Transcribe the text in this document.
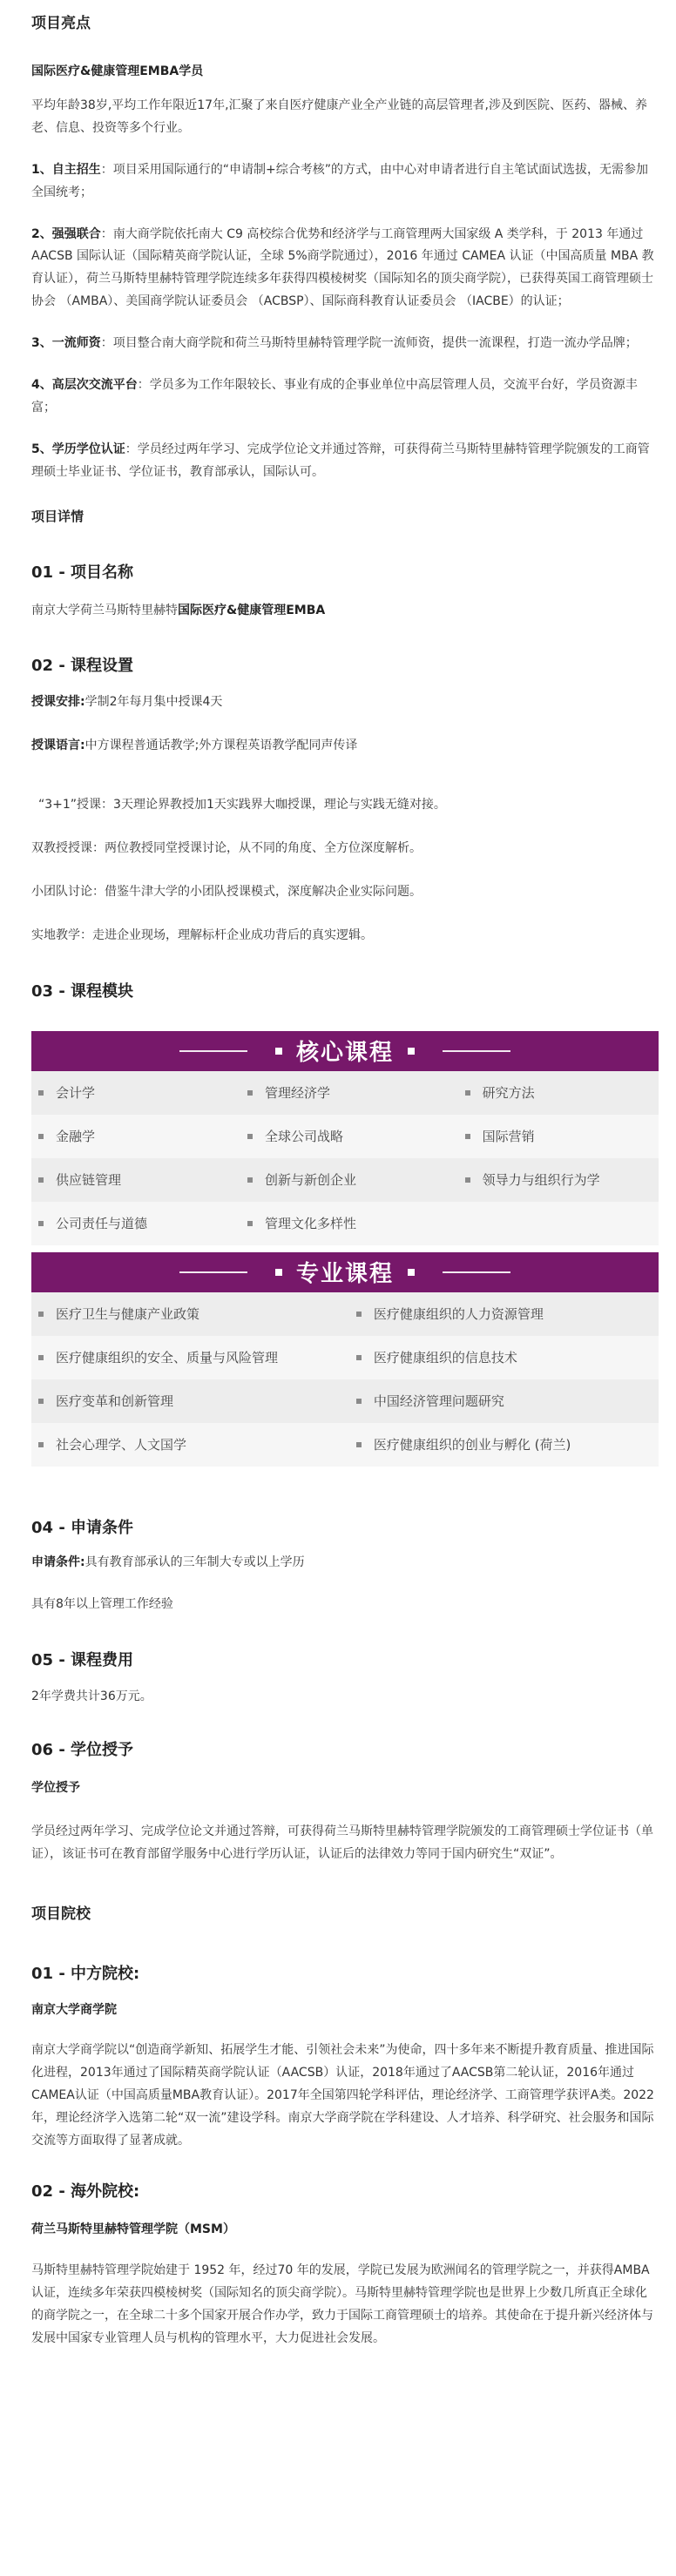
项目亮点

国际医疗&健康管理EMBA学员

平均年龄38岁,平均工作年限近17年,汇聚了来自医疗健康产业全产业链的高层管理者,涉及到医院、医药、器械、养老、信息、投资等多个行业。

1、自主招生：项目采用国际通行的“申请制+综合考核”的方式，由中心对申请者进行自主笔试面试选拔，无需参加全国统考；

2、强强联合：南大商学院依托南大 C9 高校综合优势和经济学与工商管理两大国家级 A 类学科，于 2013 年通过 AACSB 国际认证（国际精英商学院认证，全球 5%商学院通过），2016 年通过 CAMEA 认证（中国高质量 MBA 教育认证），荷兰马斯特里赫特管理学院连续多年获得四模棱树奖（国际知名的顶尖商学院），已获得英国工商管理硕士协会 （AMBA）、美国商学院认证委员会 （ACBSP）、国际商科教育认证委员会 （IACBE）的认证；

3、一流师资：项目整合南大商学院和荷兰马斯特里赫特管理学院一流师资，提供一流课程，打造一流办学品牌；

4、高层次交流平台：学员多为工作年限较长、事业有成的企事业单位中高层管理人员，交流平台好，学员资源丰富；

5、学历学位认证：学员经过两年学习、完成学位论文并通过答辩，可获得荷兰马斯特里赫特管理学院颁发的工商管理硕士毕业证书、学位证书，教育部承认，国际认可。

项目详情

01 - 项目名称

南京大学荷兰马斯特里赫特国际医疗&健康管理EMBA

02 - 课程设置

授课安排:学制2年每月集中授课4天

授课语言:中方课程普通话教学;外方课程英语教学配同声传译

“3+1”授课：3天理论界教授加1天实践界大咖授课，理论与实践无缝对接。

双教授授课：两位教授同堂授课讨论，从不同的角度、全方位深度解析。

小团队讨论：借鉴牛津大学的小团队授课模式，深度解决企业实际问题。

实地教学：走进企业现场，理解标杆企业成功背后的真实逻辑。

03 - 课程模块

核心课程
会计学	管理经济学	研究方法
金融学	全球公司战略	国际营销
供应链管理	创新与新创企业	领导力与组织行为学
公司责任与道德	管理文化多样性
专业课程
医疗卫生与健康产业政策	医疗健康组织的人力资源管理
医疗健康组织的安全、质量与风险管理	医疗健康组织的信息技术
医疗变革和创新管理	中国经济管理问题研究
社会心理学、人文国学	医疗健康组织的创业与孵化 (荷兰)

04 - 申请条件

申请条件:具有教育部承认的三年制大专或以上学历

具有8年以上管理工作经验

05 - 课程费用

2年学费共计36万元。

06 - 学位授予

学位授予

学员经过两年学习、完成学位论文并通过答辩，可获得荷兰马斯特里赫特管理学院颁发的工商管理硕士学位证书（单证），该证书可在教育部留学服务中心进行学历认证，认证后的法律效力等同于国内研究生“双证”。

项目院校

01 - 中方院校:

南京大学商学院

南京大学商学院以“创造商学新知、拓展学生才能、引领社会未来”为使命，四十多年来不断提升教育质量、推进国际化进程，2013年通过了国际精英商学院认证（AACSB）认证，2018年通过了AACSB第二轮认证，2016年通过CAMEA认证（中国高质量MBA教育认证）。2017年全国第四轮学科评估，理论经济学、工商管理学获评A类。2022年，理论经济学入选第二轮“双一流”建设学科。南京大学商学院在学科建设、人才培养、科学研究、社会服务和国际交流等方面取得了显著成就。

02 - 海外院校:

荷兰马斯特里赫特管理学院（MSM）

马斯特里赫特管理学院始建于 1952 年，经过70 年的发展，学院已发展为欧洲闻名的管理学院之一，并获得AMBA认证，连续多年荣获四模棱树奖（国际知名的顶尖商学院）。马斯特里赫特管理学院也是世界上少数几所真正全球化的商学院之一，在全球二十多个国家开展合作办学，致力于国际工商管理硕士的培养。其使命在于提升新兴经济体与发展中国家专业管理人员与机构的管理水平，大力促进社会发展。
